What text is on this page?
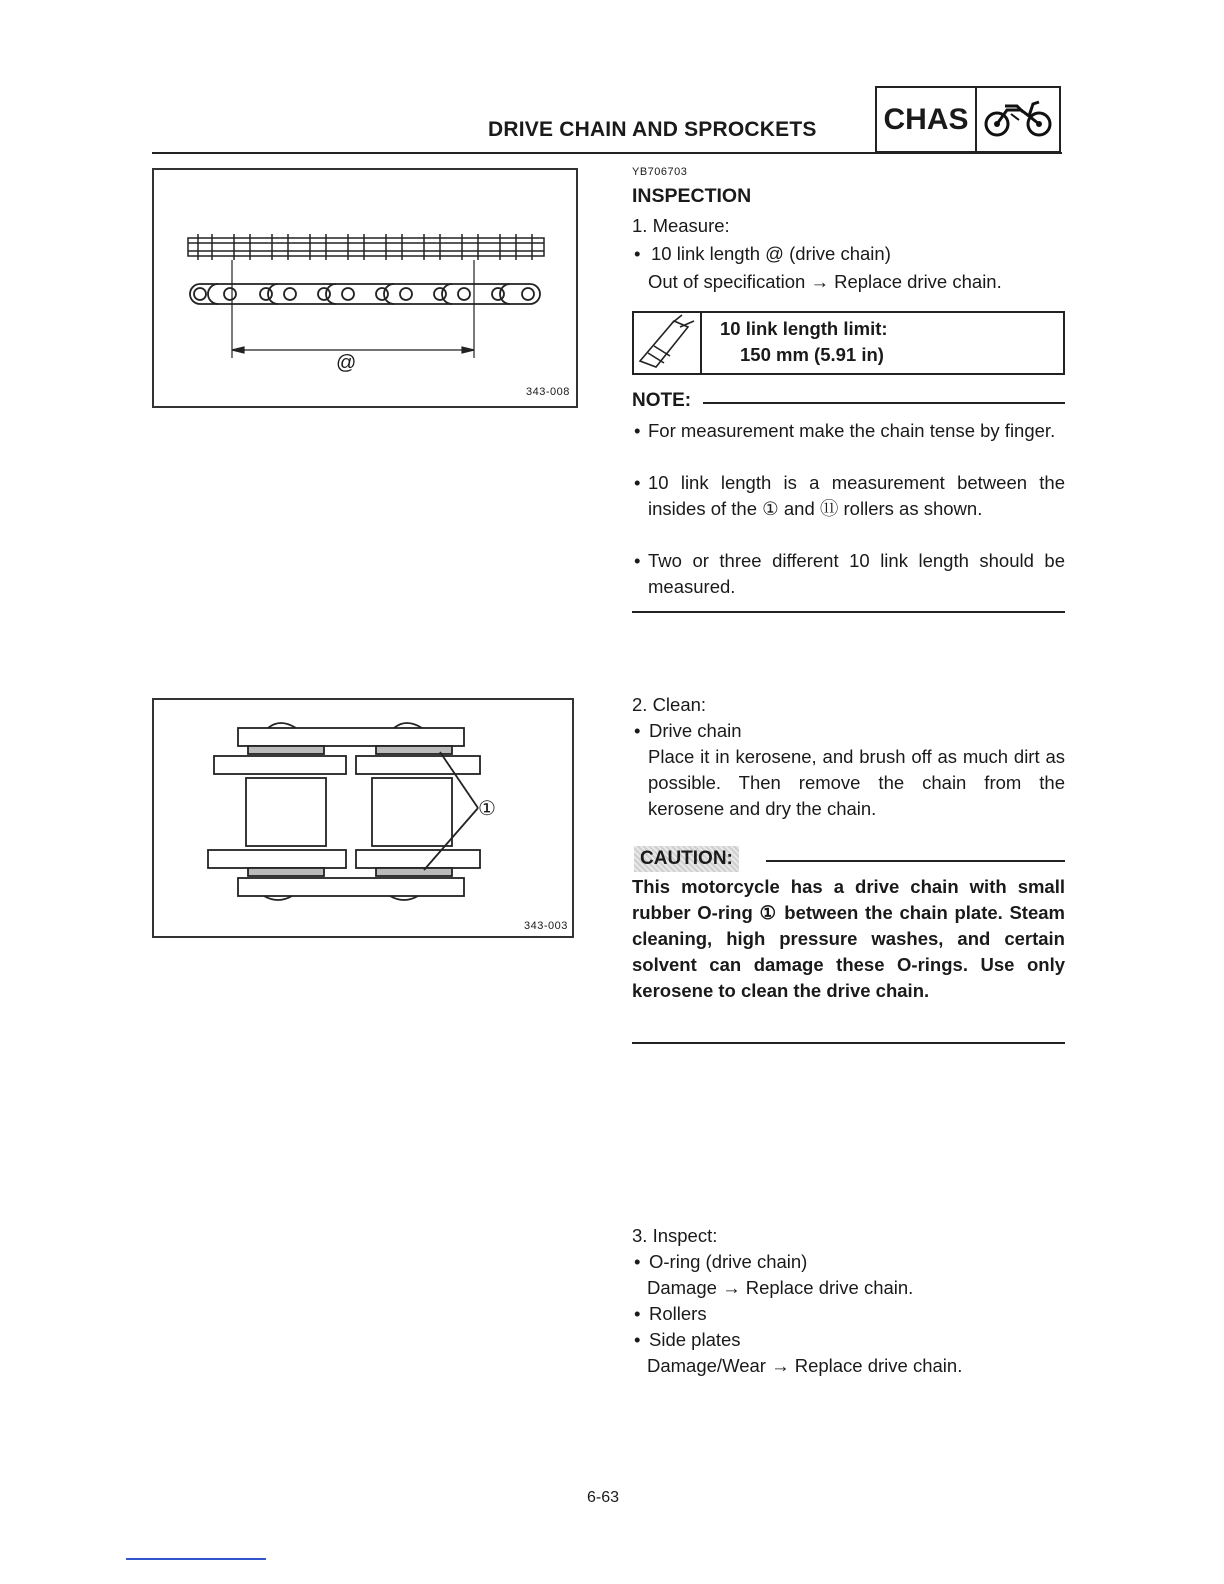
DRIVE CHAIN AND SPROCKETS CHAS
@
343-008
①
343-003
YB706703
INSPECTION
1. Measure:
• 10 link length @ (drive chain)
Out of specification → Replace drive chain.
10 link length limit:
150 mm (5.91 in)
NOTE:
• For measurement make the chain tense by finger.
• 10 link length is a measurement between the insides of the ① and ⑪ rollers as shown.
• Two or three different 10 link length should be measured.
2. Clean:
• Drive chain
Place it in kerosene, and brush off as much dirt as possible. Then remove the chain from the kerosene and dry the chain.
CAUTION:
This motorcycle has a drive chain with small rubber O-ring ① between the chain plate. Steam cleaning, high pressure washes, and certain solvent can damage these O-rings. Use only kerosene to clean the drive chain.
3. Inspect:
• O-ring (drive chain)
Damage → Replace drive chain.
• Rollers
• Side plates
Damage/Wear → Replace drive chain.
6-63
